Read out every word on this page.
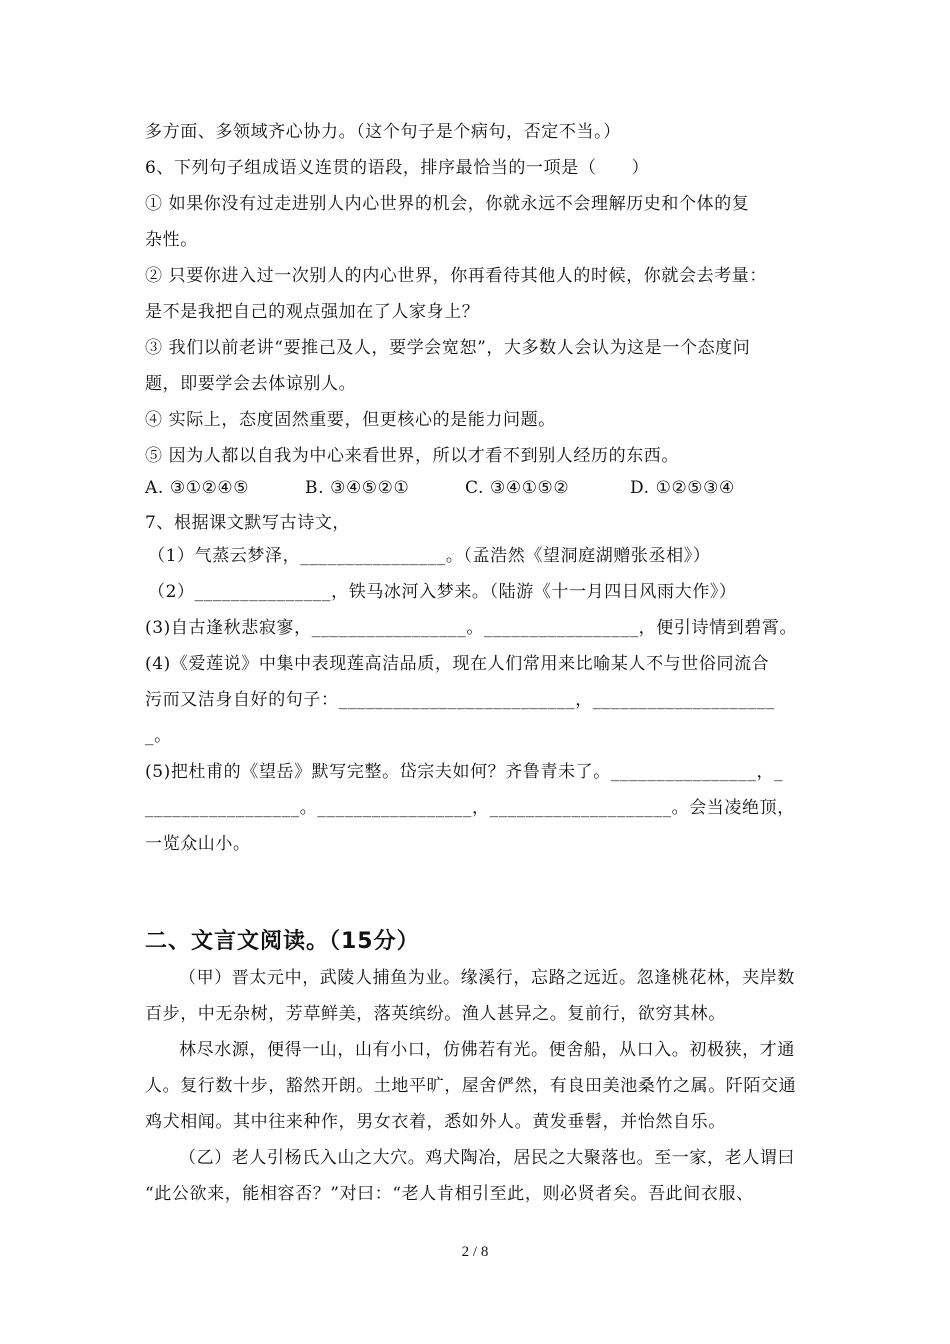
多方面、多领域齐心协力。（这个句子是个病句，否定不当。）
6、下列句子组成语义连贯的语段，排序最恰当的一项是（　　）
① 如果你没有过走进别人内心世界的机会，你就永远不会理解历史和个体的复
杂性。
② 只要你进入过一次别人的内心世界，你再看待其他人的时候，你就会去考量：
是不是我把自己的观点强加在了人家身上？
③ 我们以前老讲“要推己及人，要学会宽恕”，大多数人会认为这是一个态度问
题，即要学会去体谅别人。
④ 实际上，态度固然重要，但更核心的是能力问题。
⑤ 因为人都以自我为中心来看世界，所以才看不到别人经历的东西。
A. ③①②④⑤	B. ③④⑤②①	C. ③④①⑤②	D. ①②⑤③④
7、根据课文默写古诗文，
（1）气蒸云梦泽，________________。（孟浩然《望洞庭湖赠张丞相》）
（2）_______________，铁马冰河入梦来。（陆游《十一月四日风雨大作》）
(3)自古逢秋悲寂寥，_________________。_________________，便引诗情到碧霄。
(4)《爱莲说》中集中表现莲高洁品质，现在人们常用来比喻某人不与世俗同流合
污而又洁身自好的句子：__________________________，____________________
_。
(5)把杜甫的《望岳》默写完整。岱宗夫如何？齐鲁青未了。________________，_
_________________。_________________，____________________。会当凌绝顶，
一览众山小。
二、文言文阅读。（15分）
（甲）晋太元中，武陵人捕鱼为业。缘溪行，忘路之远近。忽逢桃花林，夹岸数
百步，中无杂树，芳草鲜美，落英缤纷。渔人甚异之。复前行，欲穷其林。
林尽水源，便得一山，山有小口，仿佛若有光。便舍船，从口入。初极狭，才通
人。复行数十步，豁然开朗。土地平旷，屋舍俨然，有良田美池桑竹之属。阡陌交通
鸡犬相闻。其中往来种作，男女衣着，悉如外人。黄发垂髫，并怡然自乐。
（乙）老人引杨氏入山之大穴。鸡犬陶冶，居民之大聚落也。至一家，老人谓曰
“此公欲来，能相容否？”对曰：“老人肯相引至此，则必贤者矣。吾此间衣服、
2 / 8
